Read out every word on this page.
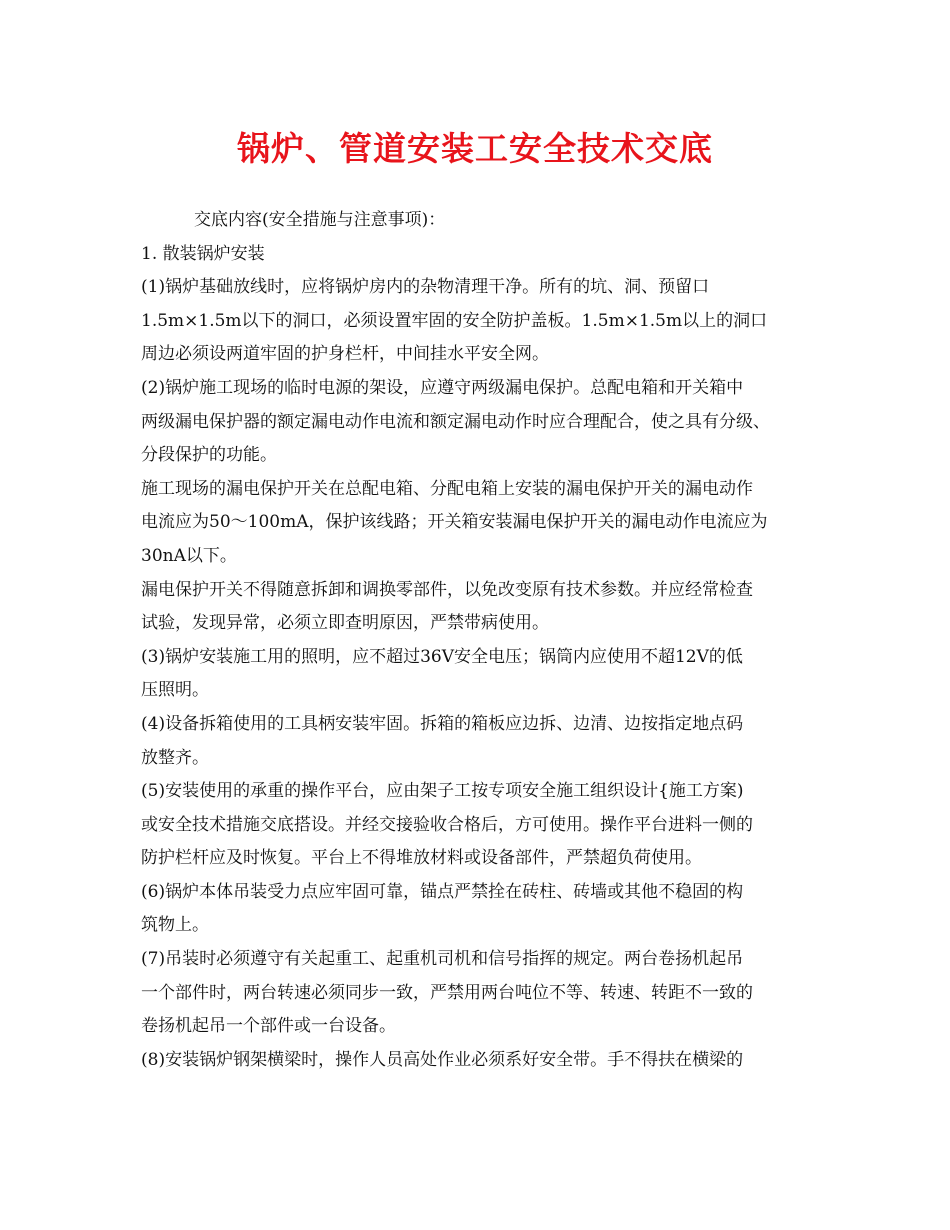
锅炉、管道安装工安全技术交底

交底内容(安全措施与注意事项)：

1. 散装锅炉安装

(1)锅炉基础放线时，应将锅炉房内的杂物清理干净。所有的坑、洞、预留口

1.5m×1.5m以下的洞口，必须设置牢固的安全防护盖板。1.5m×1.5m以上的洞口

周边必须设两道牢固的护身栏杆，中间挂水平安全网。

(2)锅炉施工现场的临时电源的架设，应遵守两级漏电保护。总配电箱和开关箱中

两级漏电保护器的额定漏电动作电流和额定漏电动作时应合理配合，使之具有分级、

分段保护的功能。

施工现场的漏电保护开关在总配电箱、分配电箱上安装的漏电保护开关的漏电动作

电流应为50～100mA，保护该线路；开关箱安装漏电保护开关的漏电动作电流应为

30nA以下。

漏电保护开关不得随意拆卸和调换零部件，以免改变原有技术参数。并应经常检查

试验，发现异常，必须立即查明原因，严禁带病使用。

(3)锅炉安装施工用的照明，应不超过36V安全电压；锅筒内应使用不超12V的低

压照明。

(4)设备拆箱使用的工具柄安装牢固。拆箱的箱板应边拆、边清、边按指定地点码

放整齐。

(5)安装使用的承重的操作平台，应由架子工按专项安全施工组织设计{施工方案)

或安全技术措施交底搭设。并经交接验收合格后，方可使用。操作平台进料一侧的

防护栏杆应及时恢复。平台上不得堆放材料或设备部件，严禁超负荷使用。

(6)锅炉本体吊装受力点应牢固可靠，锚点严禁拴在砖柱、砖墙或其他不稳固的构

筑物上。

(7)吊装时必须遵守有关起重工、起重机司机和信号指挥的规定。两台卷扬机起吊

一个部件时，两台转速必须同步一致，严禁用两台吨位不等、转速、转距不一致的

卷扬机起吊一个部件或一台设备。

(8)安装锅炉钢架横梁时，操作人员高处作业必须系好安全带。手不得扶在横梁的
